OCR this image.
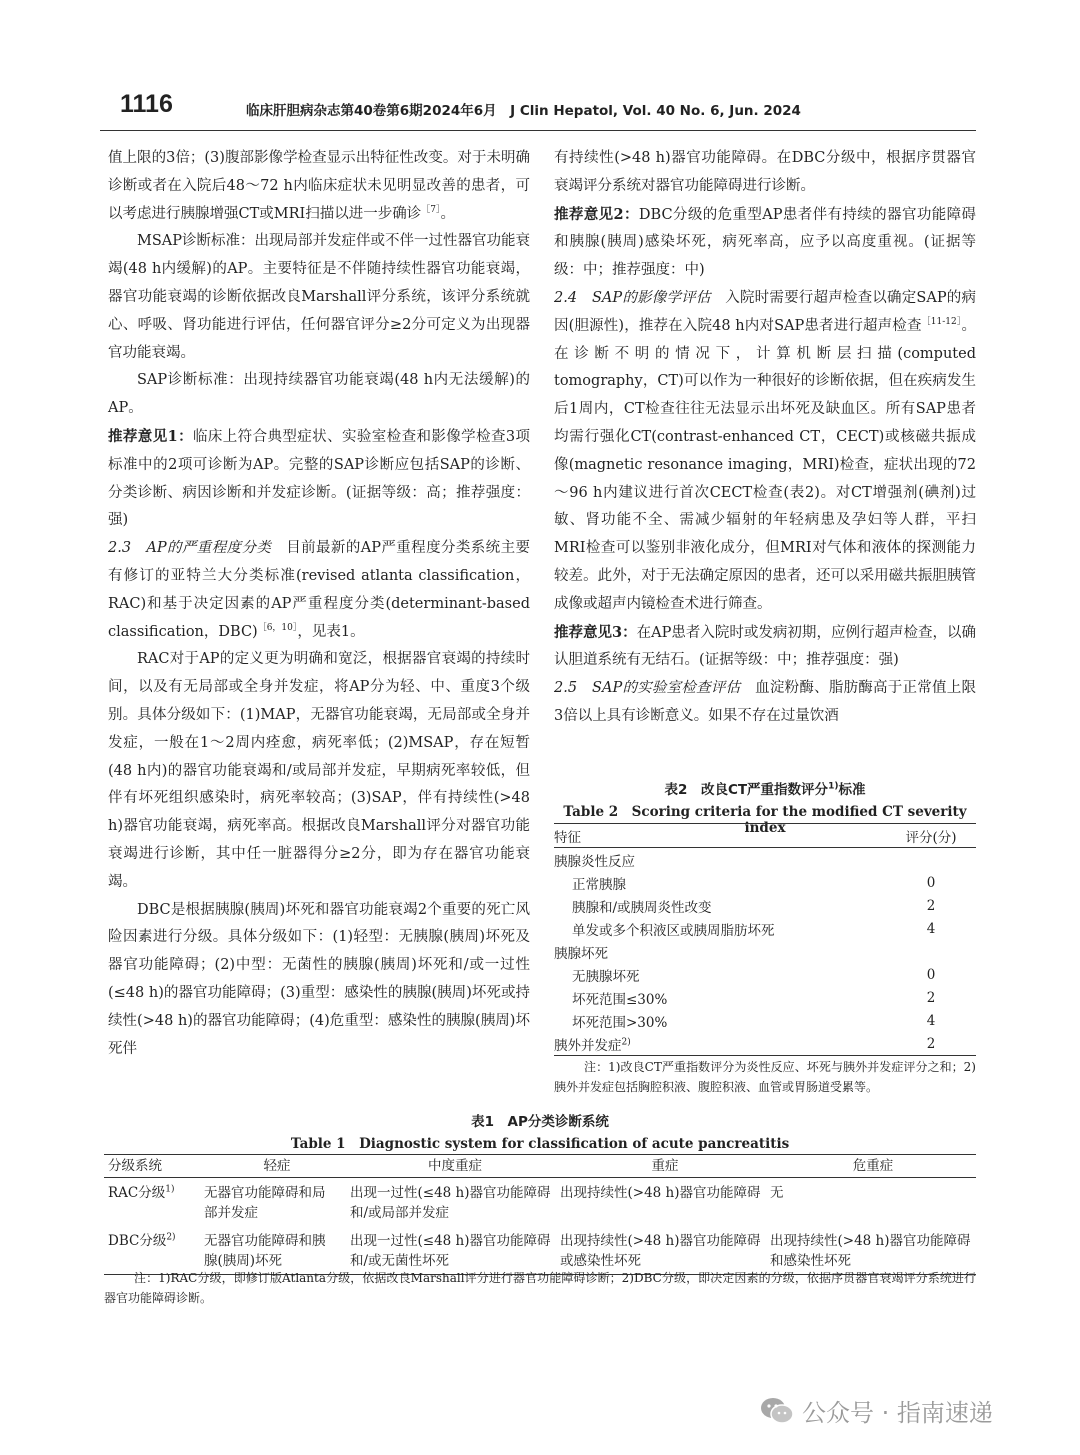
1116	临床肝胆病杂志第40卷第6期2024年6月　J Clin Hepatol, Vol. 40 No. 6, Jun. 2024

值上限的3倍；(3)腹部影像学检查显示出特征性改变。对于未明确诊断或者在入院后48～72 h内临床症状未见明显改善的患者，可以考虑进行胰腺增强CT或MRI扫描以进一步确诊$^{[7]}$。

MSAP诊断标准：出现局部并发症伴或不伴一过性器官功能衰竭(48 h内缓解)的AP。主要特征是不伴随持续性器官功能衰竭，器官功能衰竭的诊断依据改良Marshall评分系统，该评分系统就心、呼吸、肾功能进行评估，任何器官评分≥2分可定义为出现器官功能衰竭。

SAP诊断标准：出现持续器官功能衰竭(48 h内无法缓解)的AP。

推荐意见1：临床上符合典型症状、实验室检查和影像学检查3项标准中的2项可诊断为AP。完整的SAP诊断应包括SAP的诊断、分类诊断、病因诊断和并发症诊断。(证据等级：高；推荐强度：强)

2.3　AP的严重程度分类　目前最新的AP严重程度分类系统主要有修订的亚特兰大分类标准(revised atlanta classification，RAC)和基于决定因素的AP严重程度分类(determinant-based classification，DBC)$^{[6,10]}$，见表1。

RAC对于AP的定义更为明确和宽泛，根据器官衰竭的持续时间，以及有无局部或全身并发症，将AP分为轻、中、重度3个级别。具体分级如下：(1)MAP，无器官功能衰竭，无局部或全身并发症，一般在1～2周内痊愈，病死率低；(2)MSAP，存在短暂(48 h内)的器官功能衰竭和/或局部并发症，早期病死率较低，但伴有坏死组织感染时，病死率较高；(3)SAP，伴有持续性(>48 h)器官功能衰竭，病死率高。根据改良Marshall评分对器官功能衰竭进行诊断，其中任一脏器得分≥2分，即为存在器官功能衰竭。

DBC是根据胰腺(胰周)坏死和器官功能衰竭2个重要的死亡风险因素进行分级。具体分级如下：(1)轻型：无胰腺(胰周)坏死及器官功能障碍；(2)中型：无菌性的胰腺(胰周)坏死和/或一过性(≤48 h)的器官功能障碍；(3)重型：感染性的胰腺(胰周)坏死或持续性(>48 h)的器官功能障碍；(4)危重型：感染性的胰腺(胰周)坏死伴

有持续性(>48 h)器官功能障碍。在DBC分级中，根据序贯器官衰竭评分系统对器官功能障碍进行诊断。

推荐意见2：DBC分级的危重型AP患者伴有持续的器官功能障碍和胰腺(胰周)感染坏死，病死率高，应予以高度重视。(证据等级：中；推荐强度：中)

2.4　SAP的影像学评估　入院时需要行超声检查以确定SAP的病因(胆源性)，推荐在入院48 h内对SAP患者进行超声检查$^{[11-12]}$。在诊断不明的情况下，计算机断层扫描(computed tomography，CT)可以作为一种很好的诊断依据，但在疾病发生后1周内，CT检查往往无法显示出坏死及缺血区。所有SAP患者均需行强化CT(contrast-enhanced CT，CECT)或核磁共振成像(magnetic resonance imaging，MRI)检查，症状出现的72～96 h内建议进行首次CECT检查(表2)。对CT增强剂(碘剂)过敏、肾功能不全、需减少辐射的年轻病患及孕妇等人群，平扫MRI检查可以鉴别非液化成分，但MRI对气体和液体的探测能力较差。此外，对于无法确定原因的患者，还可以采用磁共振胆胰管成像或超声内镜检查术进行筛查。

推荐意见3：在AP患者入院时或发病初期，应例行超声检查，以确认胆道系统有无结石。(证据等级：中；推荐强度：强)

2.5　SAP的实验室检查评估　血淀粉酶、脂肪酶高于正常值上限3倍以上具有诊断意义。如果不存在过量饮酒

表2　改良CT严重指数评分$^{1)}$标准
Table 2　Scoring criteria for the modified CT severity index
特征	评分(分)
胰腺炎性反应	
正常胰腺	0
胰腺和/或胰周炎性改变	2
单发或多个积液区或胰周脂肪坏死	4
胰腺坏死	
无胰腺坏死	0
坏死范围≤30%	2
坏死范围>30%	4
胰外并发症$^{2)}$	2
注：1)改良CT严重指数评分为炎性反应、坏死与胰外并发症评分之和；2)胰外并发症包括胸腔积液、腹腔积液、血管或胃肠道受累等。
表1　AP分类诊断系统
Table 1　Diagnostic system for classification of acute pancreatitis
分级系统	轻症	中度重症	重症	危重症
RAC分级$^{1)}$	无器官功能障碍和局部并发症	出现一过性(≤48 h)器官功能障碍和/或局部并发症	出现持续性(>48 h)器官功能障碍	无
DBC分级$^{2)}$	无器官功能障碍和胰腺(胰周)坏死	出现一过性(≤48 h)器官功能障碍和/或无菌性坏死	出现持续性(>48 h)器官功能障碍或感染性坏死	出现持续性(>48 h)器官功能障碍和感染性坏死
注：1)RAC分级，即修订版Atlanta分级，依据改良Marshall评分进行器官功能障碍诊断；2)DBC分级，即决定因素的分级，依据序贯器官衰竭评分系统进行器官功能障碍诊断。
公众号 · 指南速递
